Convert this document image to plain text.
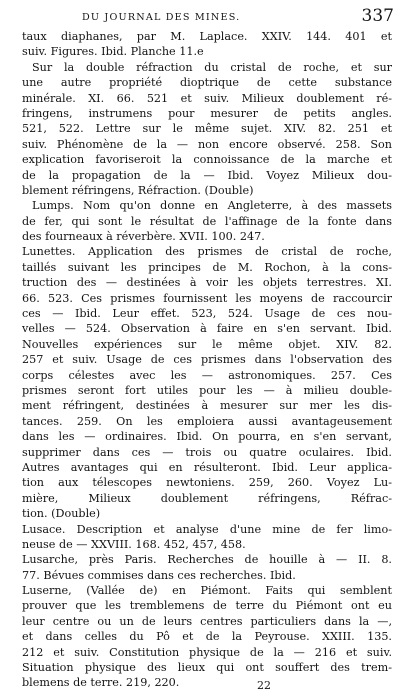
DU JOURNAL DES MINES.	337
taux diaphanes, par M. Laplace. XXIV. 144. 401 et
suiv. Figures. Ibid. Planche 11.e
Sur la double réfraction du cristal de roche, et sur
une autre propriété dioptrique de cette substance
minérale. XI. 66. 521 et suiv. Milieux doublement ré-
fringens, instrumens pour mesurer de petits angles.
521, 522. Lettre sur le même sujet. XIV. 82. 251 et
suiv. Phénomène de la — non encore observé. 258. Son
explication favoriseroit la connoissance de la marche et
de la propagation de la — Ibid. Voyez Milieux dou-
blement réfringens, Réfraction. (Double)
Lumps. Nom qu'on donne en Angleterre, à des massets
de fer, qui sont le résultat de l'affinage de la fonte dans
des fourneaux à réverbère. XVII. 100. 247.
Lunettes. Application des prismes de cristal de roche,
taillés suivant les principes de M. Rochon, à la cons-
truction des — destinées à voir les objets terrestres. XI.
66. 523. Ces prismes fournissent les moyens de raccourcir
ces — Ibid. Leur effet. 523, 524. Usage de ces nou-
velles — 524. Observation à faire en s'en servant. Ibid.
Nouvelles expériences sur le même objet. XIV. 82.
257 et suiv. Usage de ces prismes dans l'observation des
corps célestes avec les — astronomiques. 257. Ces
prismes seront fort utiles pour les — à milieu double-
ment réfringent, destinées à mesurer sur mer les dis-
tances. 259. On les emploiera aussi avantageusement
dans les — ordinaires. Ibid. On pourra, en s'en servant,
supprimer dans ces — trois ou quatre oculaires. Ibid.
Autres avantages qui en résulteront. Ibid. Leur applica-
tion aux télescopes newtoniens. 259, 260. Voyez Lu-
mière, Milieux doublement réfringens, Réfrac-
tion. (Double)
Lusace. Description et analyse d'une mine de fer limo-
neuse de — XXVIII. 168. 452, 457, 458.
Lusarche, près Paris. Recherches de houille à — II. 8.
77. Bévues commises dans ces recherches. Ibid.
Luserne, (Vallée de) en Piémont. Faits qui semblent
prouver que les tremblemens de terre du Piémont ont eu
leur centre ou un de leurs centres particuliers dans la —,
et dans celles du Pô et de la Peyrouse. XXIII. 135.
212 et suiv. Constitution physique de la — 216 et suiv.
Situation physique des lieux qui ont souffert des trem-
blemens de terre. 219, 220.	22
